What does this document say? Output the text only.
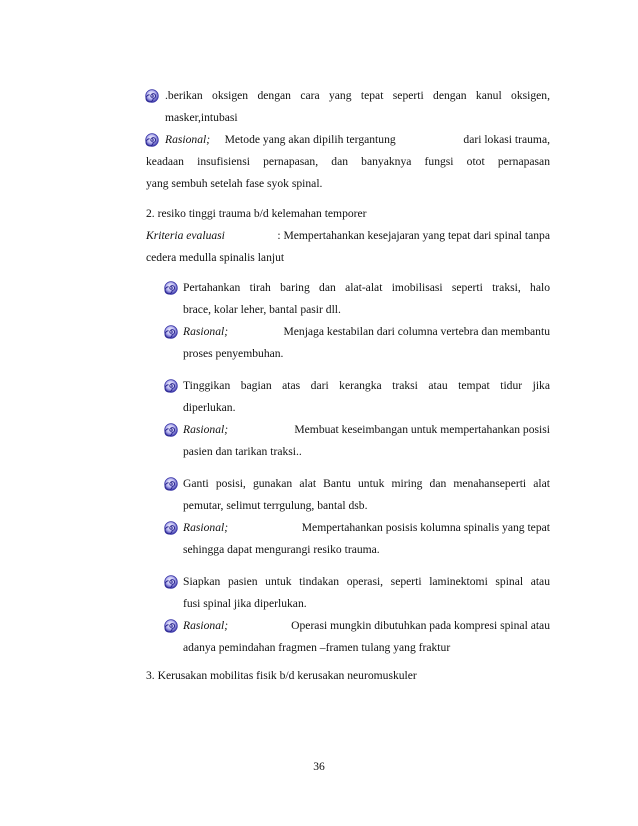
.berikan oksigen dengan cara yang tepat seperti dengan kanul oksigen,
masker,intubasi
Rasional; Metode yang akan dipilih tergantung	dari lokasi trauma,
keadaan insufisiensi pernapasan, dan banyaknya fungsi otot pernapasan
yang sembuh setelah fase syok spinal.
2. resiko tinggi trauma b/d kelemahan temporer
Kriteria evaluasi	: Mempertahankan kesejajaran yang tepat dari spinal tanpa
cedera medulla spinalis lanjut
Pertahankan tirah baring dan alat-alat imobilisasi seperti traksi, halo
brace, kolar leher, bantal pasir dll.
Rasional;	Menjaga kestabilan dari columna vertebra dan membantu
proses penyembuhan.
Tinggikan bagian atas dari kerangka traksi atau tempat tidur jika
diperlukan.
Rasional;	Membuat keseimbangan untuk mempertahankan posisi
pasien dan tarikan traksi..
Ganti posisi, gunakan alat Bantu untuk miring dan menahanseperti alat
pemutar, selimut terrgulung, bantal dsb.
Rasional;	Mempertahankan posisis kolumna spinalis yang tepat
sehingga dapat mengurangi resiko trauma.
Siapkan pasien untuk tindakan operasi, seperti laminektomi spinal atau
fusi spinal jika diperlukan.
Rasional;	Operasi mungkin dibutuhkan pada kompresi spinal atau
adanya pemindahan fragmen –framen tulang yang fraktur
3. Kerusakan mobilitas fisik b/d kerusakan neuromuskuler
36
